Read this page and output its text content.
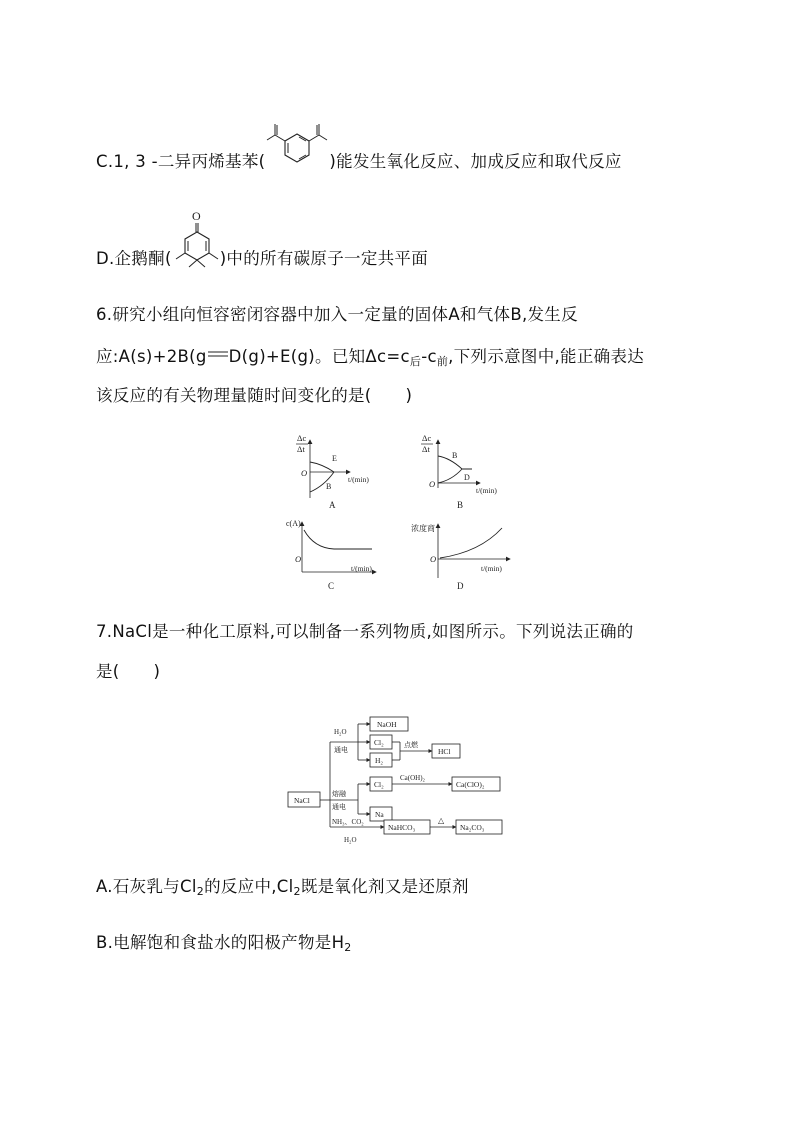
C.1, 3 -二异丙烯基苯(	)能发生氧化反应、加成反应和取代反应
D.企鹅酮(
O
)中的所有碳原子一定共平面
6.研究小组向恒容密闭容器中加入一定量的固体A和气体B,发生反
应:A(s)+2B(g D(g)+E(g)。已知$\Delta c=c_后-c_前$,下列示意图中,能正确表达
该反应的有关物理量随时间变化的是( )
Δc
Δt
O
t/(min)
E
B
A
Δc
Δt
O
t/(min)
B
D
B
c(A)
O
t/(min)
C
浓度商
O
t/(min)
D
7.NaCl是一种化工原料,可以制备一系列物质,如图所示。下列说法正确的
是( )
NaCl
H₂O
通电
NaOH
Cl₂
H₂
点燃
HCl
熔融
通电
Cl₂
Ca(OH)₂
Ca(ClO)₂
Na
NH₃、CO₂
H₂O
NaHCO₃
△
Na₂CO₃
A.石灰乳与$Cl_2$的反应中$,Cl_2$既是氧化剂又是还原剂
B.电解饱和食盐水的阳极产物是$H_2$
